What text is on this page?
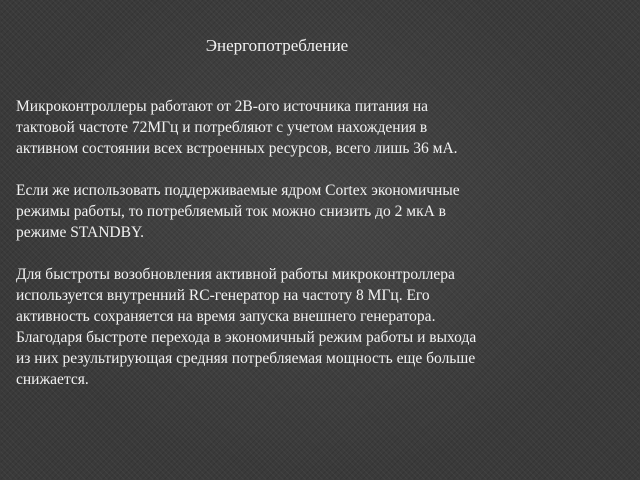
Энергопотребление

Микроконтроллеры работают от 2В-ого источника питания на
тактовой частоте 72МГц и потребляют с учетом нахождения в
активном состоянии всех встроенных ресурсов, всего лишь 36 мА.

Если же использовать поддерживаемые ядром Cortex экономичные
режимы работы, то потребляемый ток можно снизить до 2 мкА в
режиме STANDBY.

Для быстроты возобновления активной работы микроконтроллера
используется внутренний RC-генератор на частоту 8 МГц. Его
активность сохраняется на время запуска внешнего генератора.
Благодаря быстроте перехода в экономичный режим работы и выхода
из них результирующая средняя потребляемая мощность еще больше
снижается.
